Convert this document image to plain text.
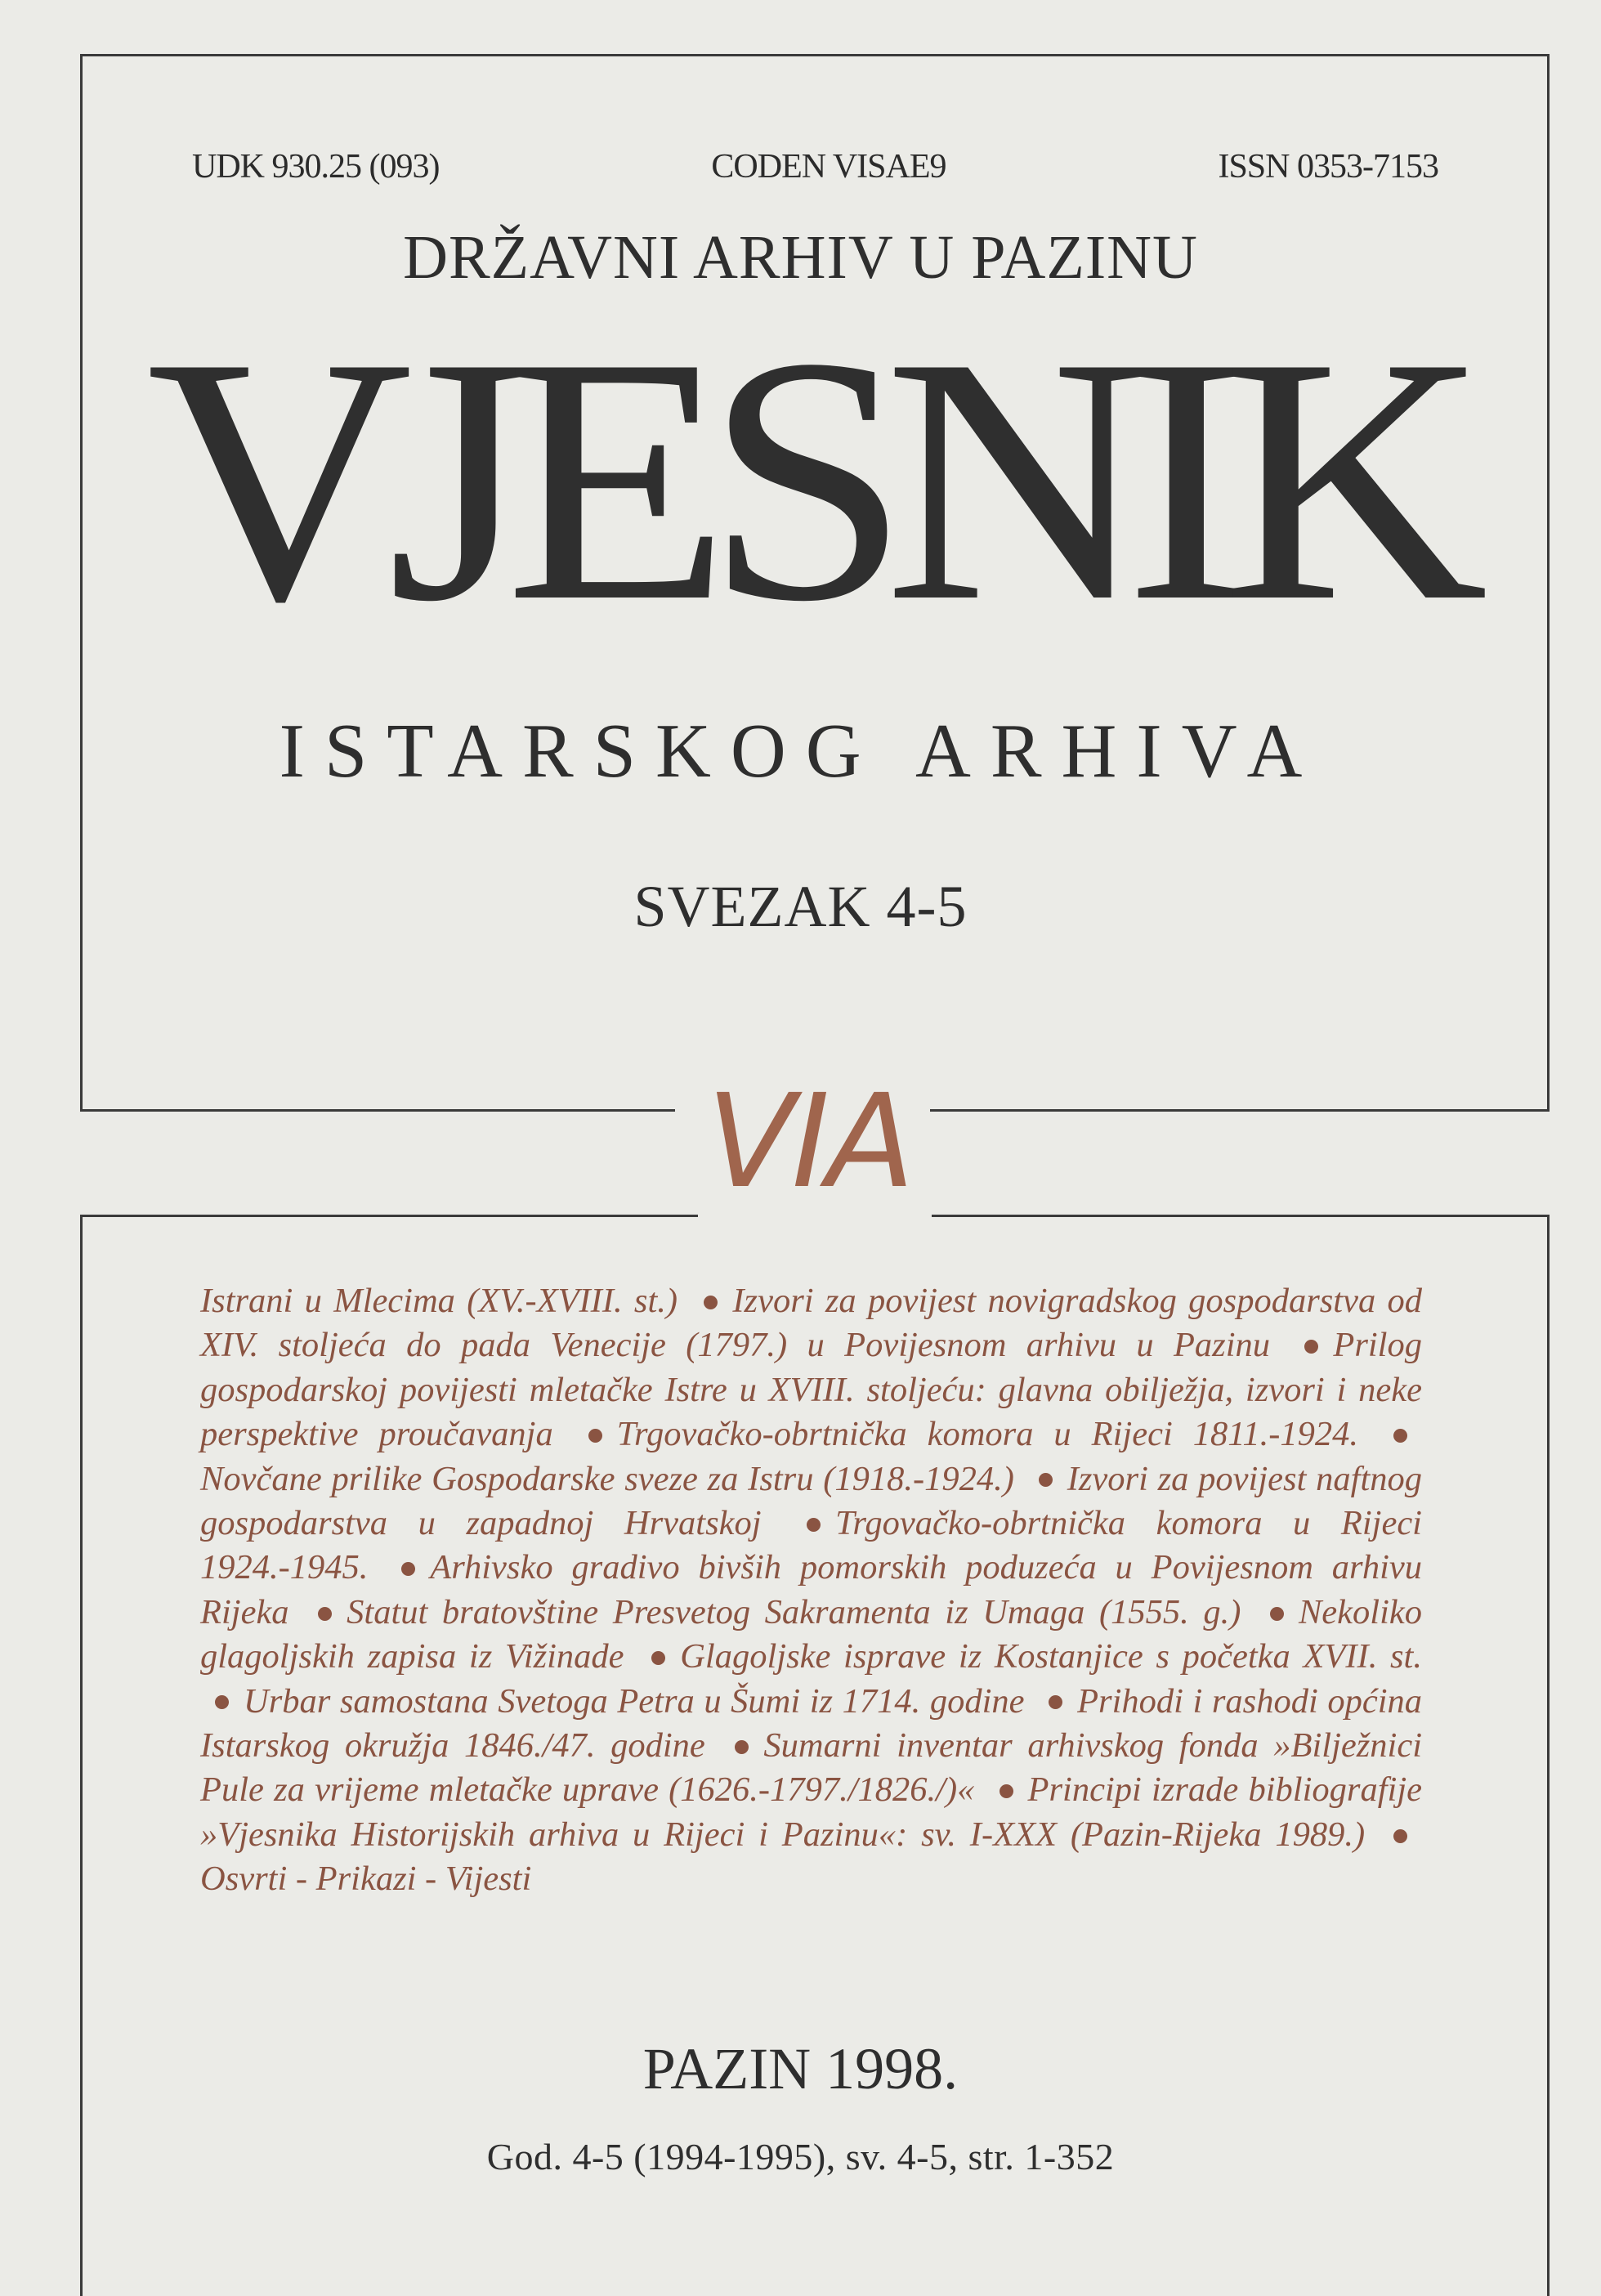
UDK 930.25 (093)	CODEN VISAE9	ISSN 0353-7153
DRŽAVNI ARHIV U PAZINU
VJESNIK
ISTARSKOG ARHIVA
SVEZAK 4-5
VIA
Istrani u Mlecima (XV.-XVIII. st.) Izvori za povijest novigradskog gospodarstva od XIV. stoljeća do pada Venecije (1797.) u Povijesnom arhivu u Pazinu Prilog gospodarskoj povijesti mletačke Istre u XVIII. stoljeću: glavna obilježja, izvori i neke perspektive proučavanja Trgovačko-obrtnička komora u Rijeci 1811.-1924. Novčane prilike Gospodarske sveze za Istru (1918.-1924.) Izvori za povijest naftnog gospodarstva u zapadnoj Hrvatskoj Trgovačko-obrtnička komora u Rijeci 1924.-1945. Arhivsko gradivo bivših pomorskih poduzeća u Povijesnom arhivu Rijeka Statut bratovštine Presvetog Sakramenta iz Umaga (1555. g.) Nekoliko glagoljskih zapisa iz Vižinade Glagoljske isprave iz Kostanjice s početka XVII. st. Urbar samostana Svetoga Petra u Šumi iz 1714. godine Prihodi i rashodi općina Istarskog okružja 1846./47. godine Sumarni inventar arhivskog fonda »Bilježnici Pule za vrijeme mletačke uprave (1626.-1797./1826./)« Principi izrade bibliografije »Vjesnika Historijskih arhiva u Rijeci i Pazinu«: sv. I-XXX (Pazin-Rijeka 1989.) Osvrti - Prikazi - Vijesti
PAZIN 1998.
God. 4-5 (1994-1995), sv. 4-5, str. 1-352
